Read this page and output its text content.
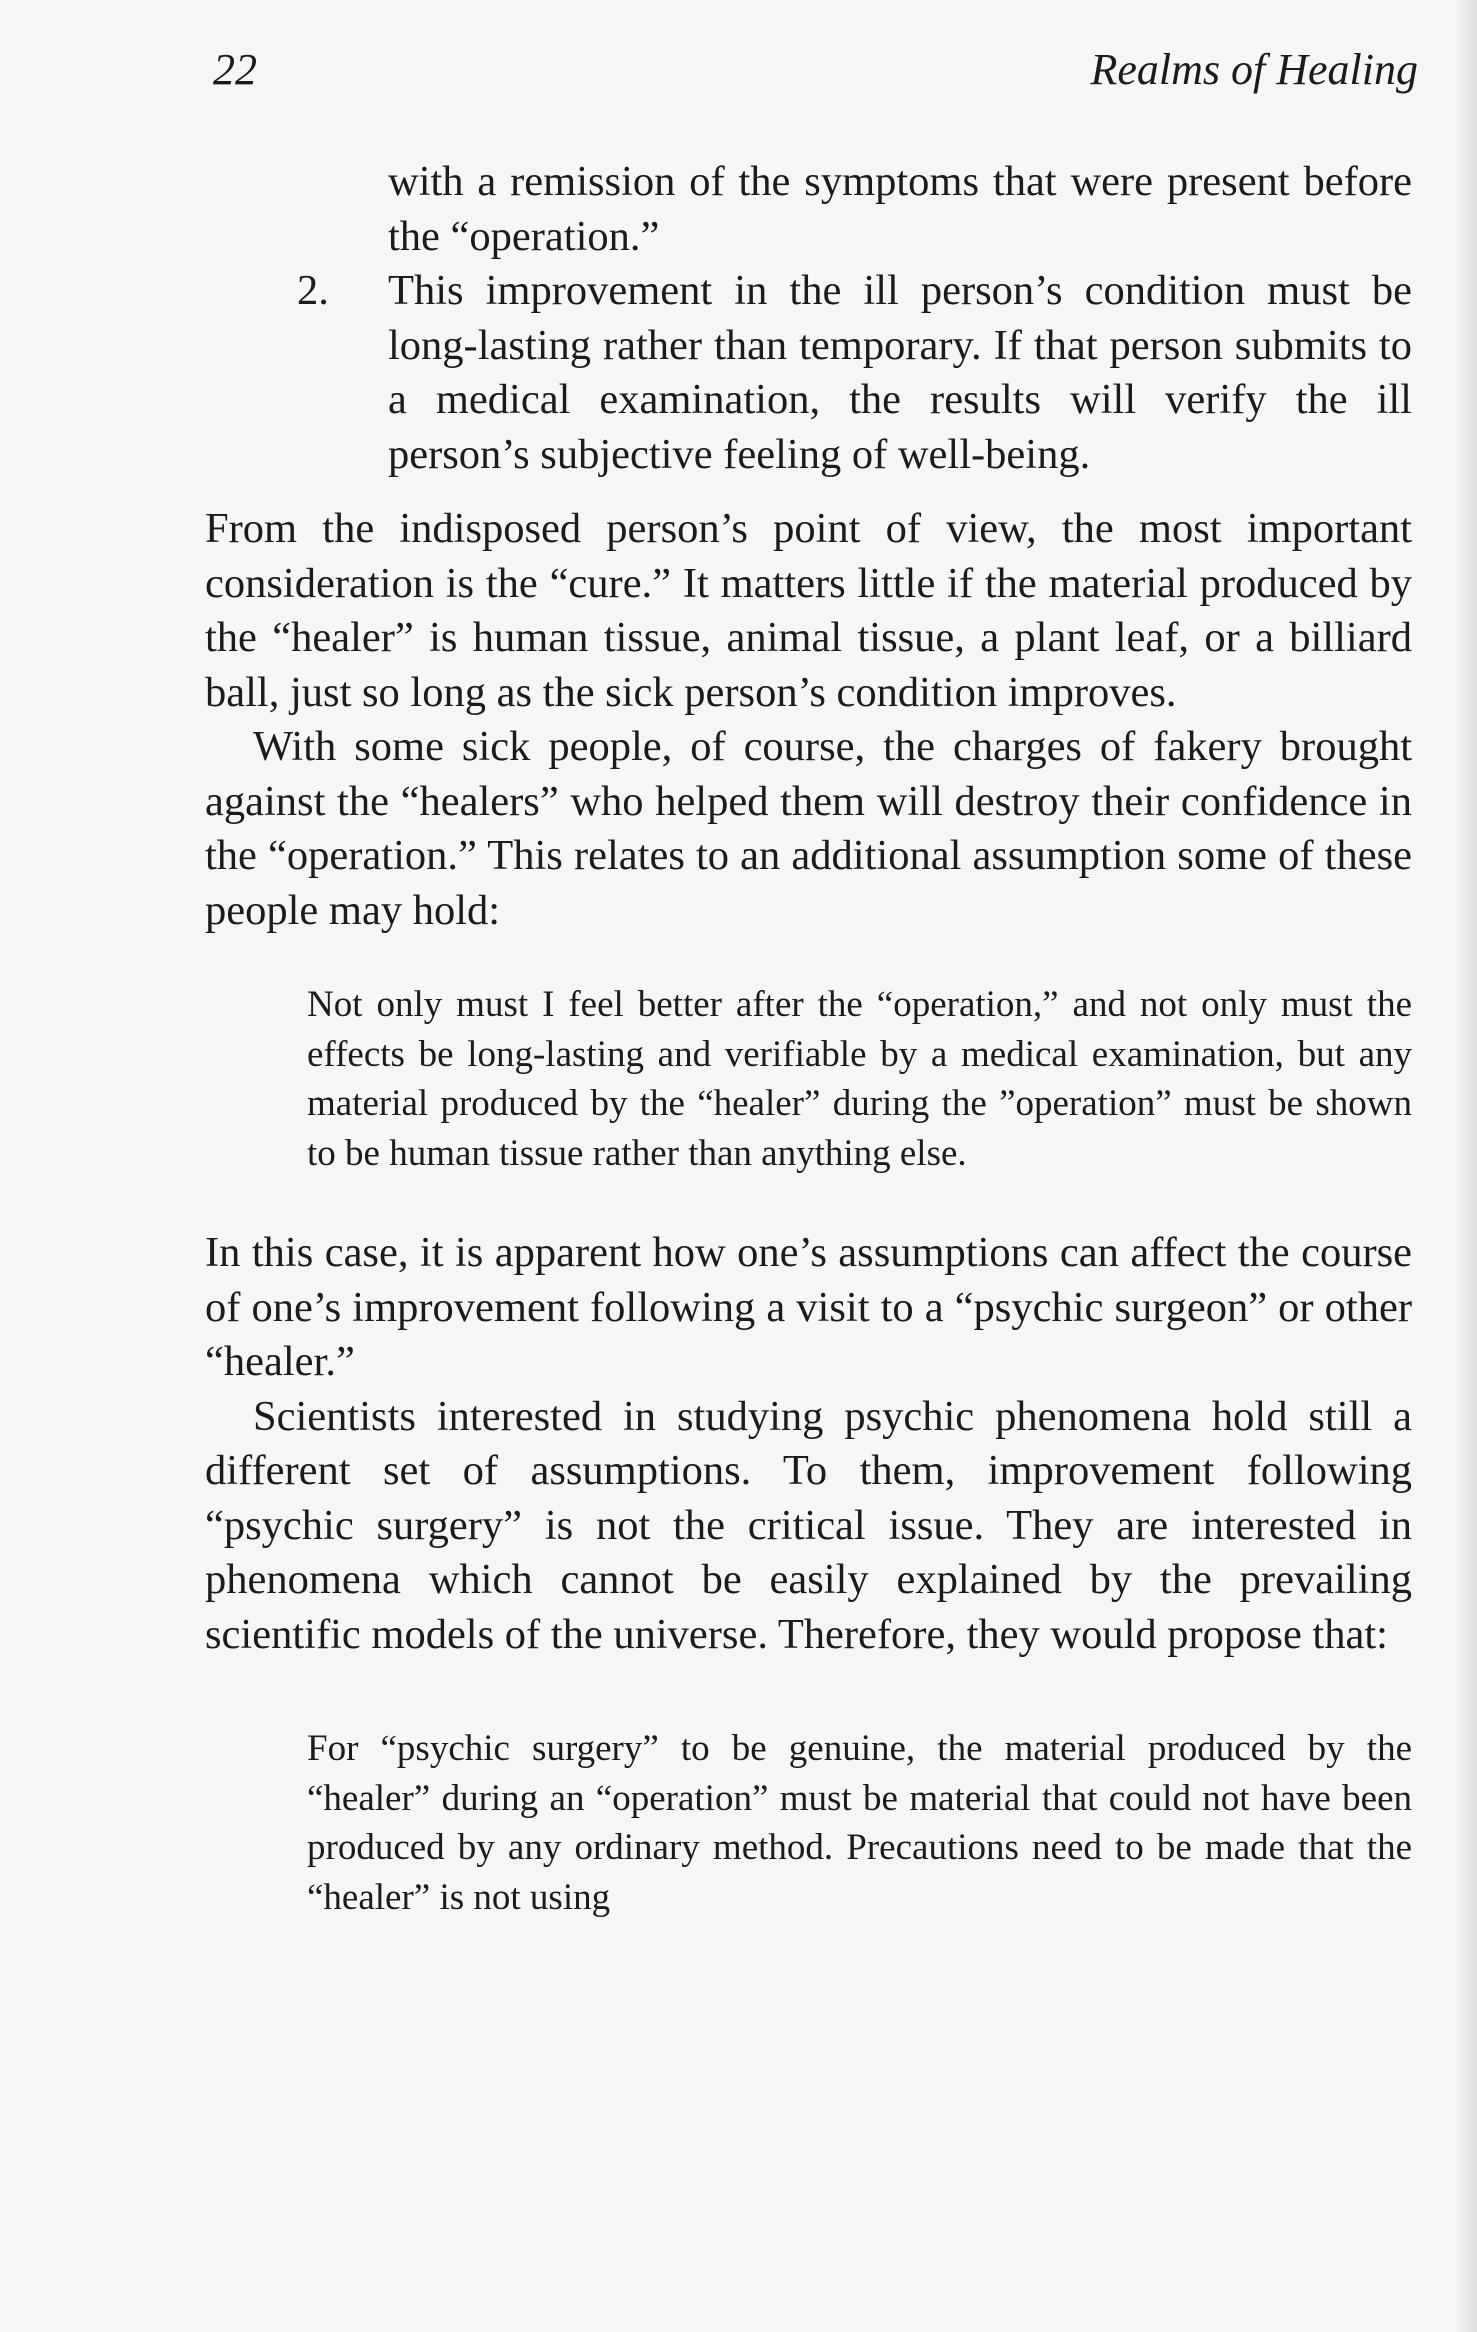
22	Realms of Healing

with a remission of the symptoms that were present before the “operation.”

2. This improvement in the ill person’s condition must be long-lasting rather than temporary. If that person submits to a medical examination, the results will verify the ill person’s subjective feeling of well-being.

From the indisposed person’s point of view, the most important consideration is the “cure.” It matters little if the material produced by the “healer” is human tissue, animal tissue, a plant leaf, or a billiard ball, just so long as the sick person’s condition improves.

With some sick people, of course, the charges of fakery brought against the “healers” who helped them will destroy their confidence in the “operation.” This relates to an additional assumption some of these people may hold:

Not only must I feel better after the “operation,” and not only must the effects be long-lasting and verifiable by a medical examination, but any material produced by the “healer” during the ”operation” must be shown to be human tissue rather than anything else.

In this case, it is apparent how one’s assumptions can affect the course of one’s improvement following a visit to a “psychic surgeon” or other “healer.”

Scientists interested in studying psychic phenomena hold still a different set of assumptions. To them, improvement following “psychic surgery” is not the critical issue. They are interested in phenomena which cannot be easily explained by the prevailing scientific models of the universe. Therefore, they would propose that:

For “psychic surgery” to be genuine, the material produced by the “healer” during an “operation” must be material that could not have been produced by any ordinary method. Precautions need to be made that the “healer” is not using
